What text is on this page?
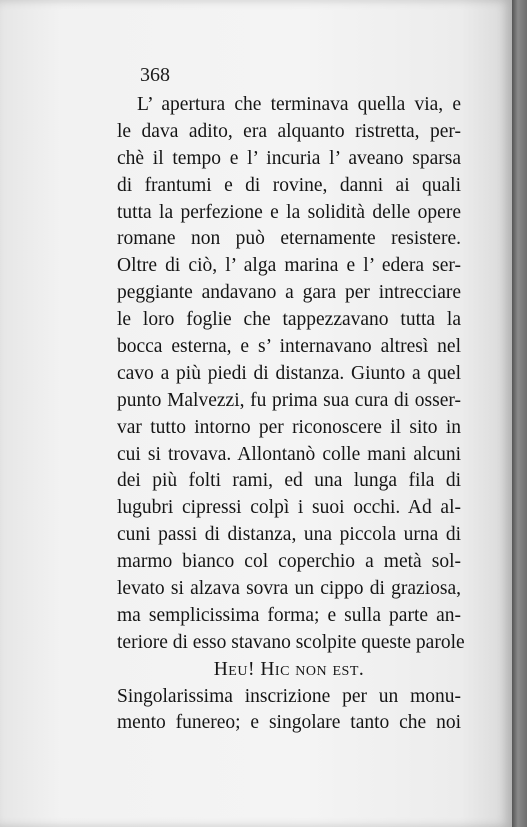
368
L’ apertura che terminava quella via, e
le dava adito, era alquanto ristretta, per-
chè il tempo e l’ incuria l’ aveano sparsa
di frantumi e di rovine, danni ai quali
tutta la perfezione e la solidità delle opere
romane non può eternamente resistere.
Oltre di ciò, l’ alga marina e l’ edera ser-
peggiante andavano a gara per intrecciare
le loro foglie che tappezzavano tutta la
bocca esterna, e s’ internavano altresì nel
cavo a più piedi di distanza. Giunto a quel
punto Malvezzi, fu prima sua cura di osser-
var tutto intorno per riconoscere il sito in
cui si trovava. Allontanò colle mani alcuni
dei più folti rami, ed una lunga fila di
lugubri cipressi colpì i suoi occhi. Ad al-
cuni passi di distanza, una piccola urna di
marmo bianco col coperchio a metà sol-
levato si alzava sovra un cippo di graziosa,
ma semplicissima forma; e sulla parte an-
teriore di esso stavano scolpite queste parole
Heu! Hic non est.
Singolarissima inscrizione per un monu-
mento funereo; e singolare tanto che noi
